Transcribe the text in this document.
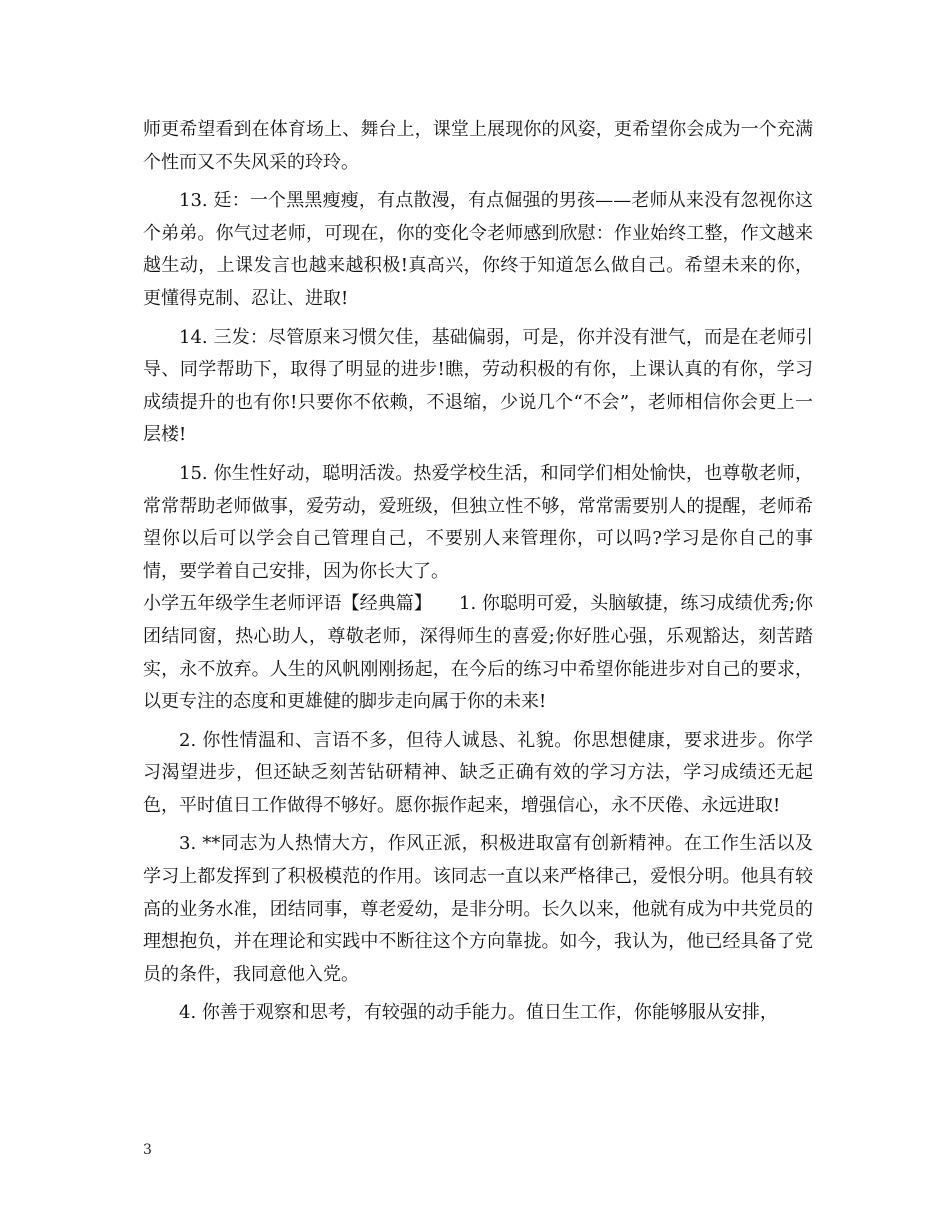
师更希望看到在体育场上、舞台上，课堂上展现你的风姿，更希望你会成为一个充满个性而又不失风采的玲玲。

13. 廷：一个黑黑瘦瘦，有点散漫，有点倔强的男孩——老师从来没有忽视你这个弟弟。你气过老师，可现在，你的变化令老师感到欣慰：作业始终工整，作文越来越生动，上课发言也越来越积极!真高兴，你终于知道怎么做自己。希望未来的你，更懂得克制、忍让、进取!

14. 三发：尽管原来习惯欠佳，基础偏弱，可是，你并没有泄气，而是在老师引导、同学帮助下，取得了明显的进步!瞧，劳动积极的有你，上课认真的有你，学习成绩提升的也有你!只要你不依赖，不退缩，少说几个“不会”，老师相信你会更上一层楼!

15. 你生性好动，聪明活泼。热爱学校生活，和同学们相处愉快，也尊敬老师，常常帮助老师做事，爱劳动，爱班级，但独立性不够，常常需要别人的提醒，老师希望你以后可以学会自己管理自己，不要别人来管理你，可以吗?学习是你自己的事情，要学着自己安排，因为你长大了。

小学五年级学生老师评语【经典篇】　　1. 你聪明可爱，头脑敏捷，练习成绩优秀;你团结同窗，热心助人，尊敬老师，深得师生的喜爱;你好胜心强，乐观豁达，刻苦踏实，永不放弃。人生的风帆刚刚扬起，在今后的练习中希望你能进步对自己的要求，以更专注的态度和更雄健的脚步走向属于你的未来!

2. 你性情温和、言语不多，但待人诚恳、礼貌。你思想健康，要求进步。你学习渴望进步，但还缺乏刻苦钻研精神、缺乏正确有效的学习方法，学习成绩还无起色，平时值日工作做得不够好。愿你振作起来，增强信心，永不厌倦、永远进取!

3. **同志为人热情大方，作风正派，积极进取富有创新精神。在工作生活以及学习上都发挥到了积极模范的作用。该同志一直以来严格律己，爱恨分明。他具有较高的业务水准，团结同事，尊老爱幼，是非分明。长久以来，他就有成为中共党员的理想抱负，并在理论和实践中不断往这个方向靠拢。如今，我认为，他已经具备了党员的条件，我同意他入党。

4. 你善于观察和思考，有较强的动手能力。值日生工作，你能够服从安排，

3
